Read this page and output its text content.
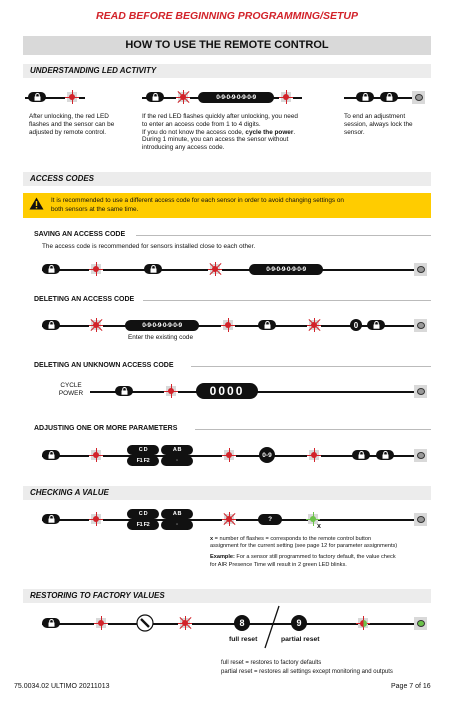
READ BEFORE BEGINNING PROGRAMMING/SETUP
HOW TO USE THE REMOTE CONTROL
UNDERSTANDING LED ACTIVITY
After unlocking, the red LED
flashes and the sensor can be
adjusted by remote control.
0-9·0-9·0-9·0-9
If the red LED flashes quickly after unlocking, you need
to enter an access code from 1 to 4 digits.
If you do not know the access code, cycle the power.
During 1 minute, you can access the sensor without
introducing any access code.
To end an adjustment
session, always lock the
sensor.
ACCESS CODES
It is recommended to use a different access code for each sensor in order to avoid changing settings on
both sensors at the same time.
SAVING AN ACCESS CODE
The access code is recommended for sensors installed close to each other.
0-9·0-9·0-9·0-9
DELETING AN ACCESS CODE
0-9·0-9·0-9·0-9
Enter the existing code
0
DELETING AN UNKNOWN ACCESS CODE
CYCLE
POWER	0 0 0 0
ADJUSTING ONE OR MORE PARAMETERS
C D	A B
F1 F2	·
0-9
CHECKING A VALUE
C D	A B
F1 F2	·
?
x
x = number of flashes = corresponds to the remote control button
assignment for the current setting (see page 12 for parameter assignments)
Example: For a sensor still programmed to factory default, the value check
for AIR Presence Time will result in 2 green LED blinks.
RESTORING TO FACTORY VALUES
8
full reset
9
partial reset
full reset = restores to factory defaults
partial reset = restores all settings except monitoring and outputs
75.0034.02 ULTIMO 20211013	Page 7 of 16
